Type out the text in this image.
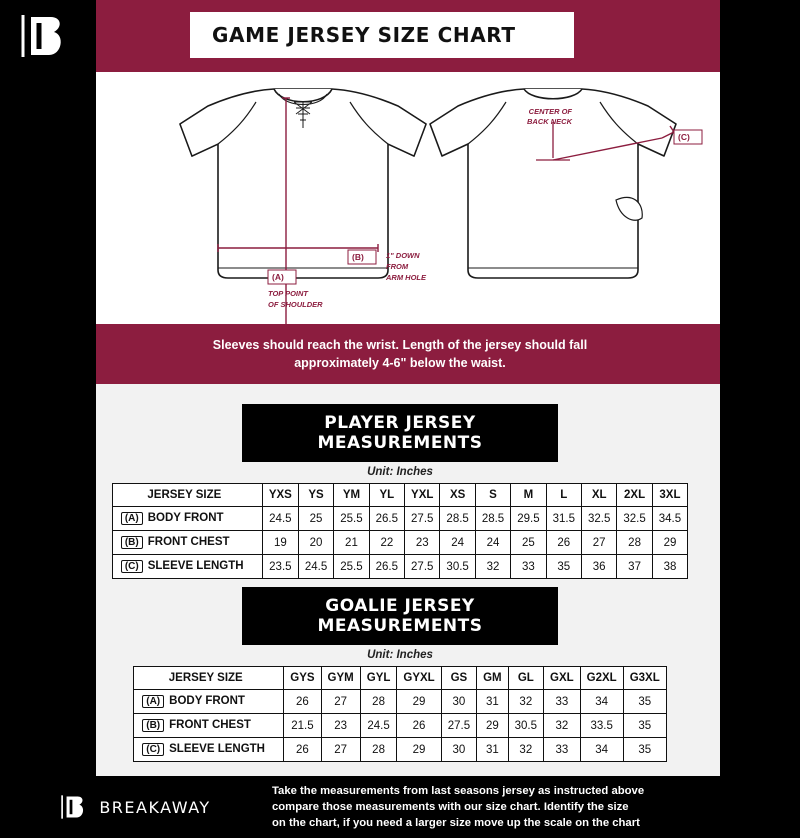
GAME JERSEY SIZE CHART
(B)
(A)
TOP POINT
OF SHOULDER
1" DOWN
FROM
ARM HOLE
CENTER OF
BACK NECK
(C)
Sleeves should reach the wrist. Length of the jersey should fall
approximately 4-6" below the waist.
PLAYER JERSEY MEASUREMENTS
Unit: Inches
JERSEY SIZE	YXS	YS	YM	YL	YXL	XS	S	M	L	XL	2XL	3XL
(A) BODY FRONT	24.5	25	25.5	26.5	27.5	28.5	28.5	29.5	31.5	32.5	32.5	34.5
(B) FRONT CHEST	19	20	21	22	23	24	24	25	26	27	28	29
(C) SLEEVE LENGTH	23.5	24.5	25.5	26.5	27.5	30.5	32	33	35	36	37	38
GOALIE JERSEY MEASUREMENTS
Unit: Inches
JERSEY SIZE	GYS	GYM	GYL	GYXL	GS	GM	GL	GXL	G2XL	G3XL
(A) BODY FRONT	26	27	28	29	30	31	32	33	34	35
(B) FRONT CHEST	21.5	23	24.5	26	27.5	29	30.5	32	33.5	35
(C) SLEEVE LENGTH	26	27	28	29	30	31	32	33	34	35
BREAKAWAY
Take the measurements from last seasons jersey as instructed above
compare those measurements with our size chart. Identify the size
on the chart, if you need a larger size move up the scale on the chart
